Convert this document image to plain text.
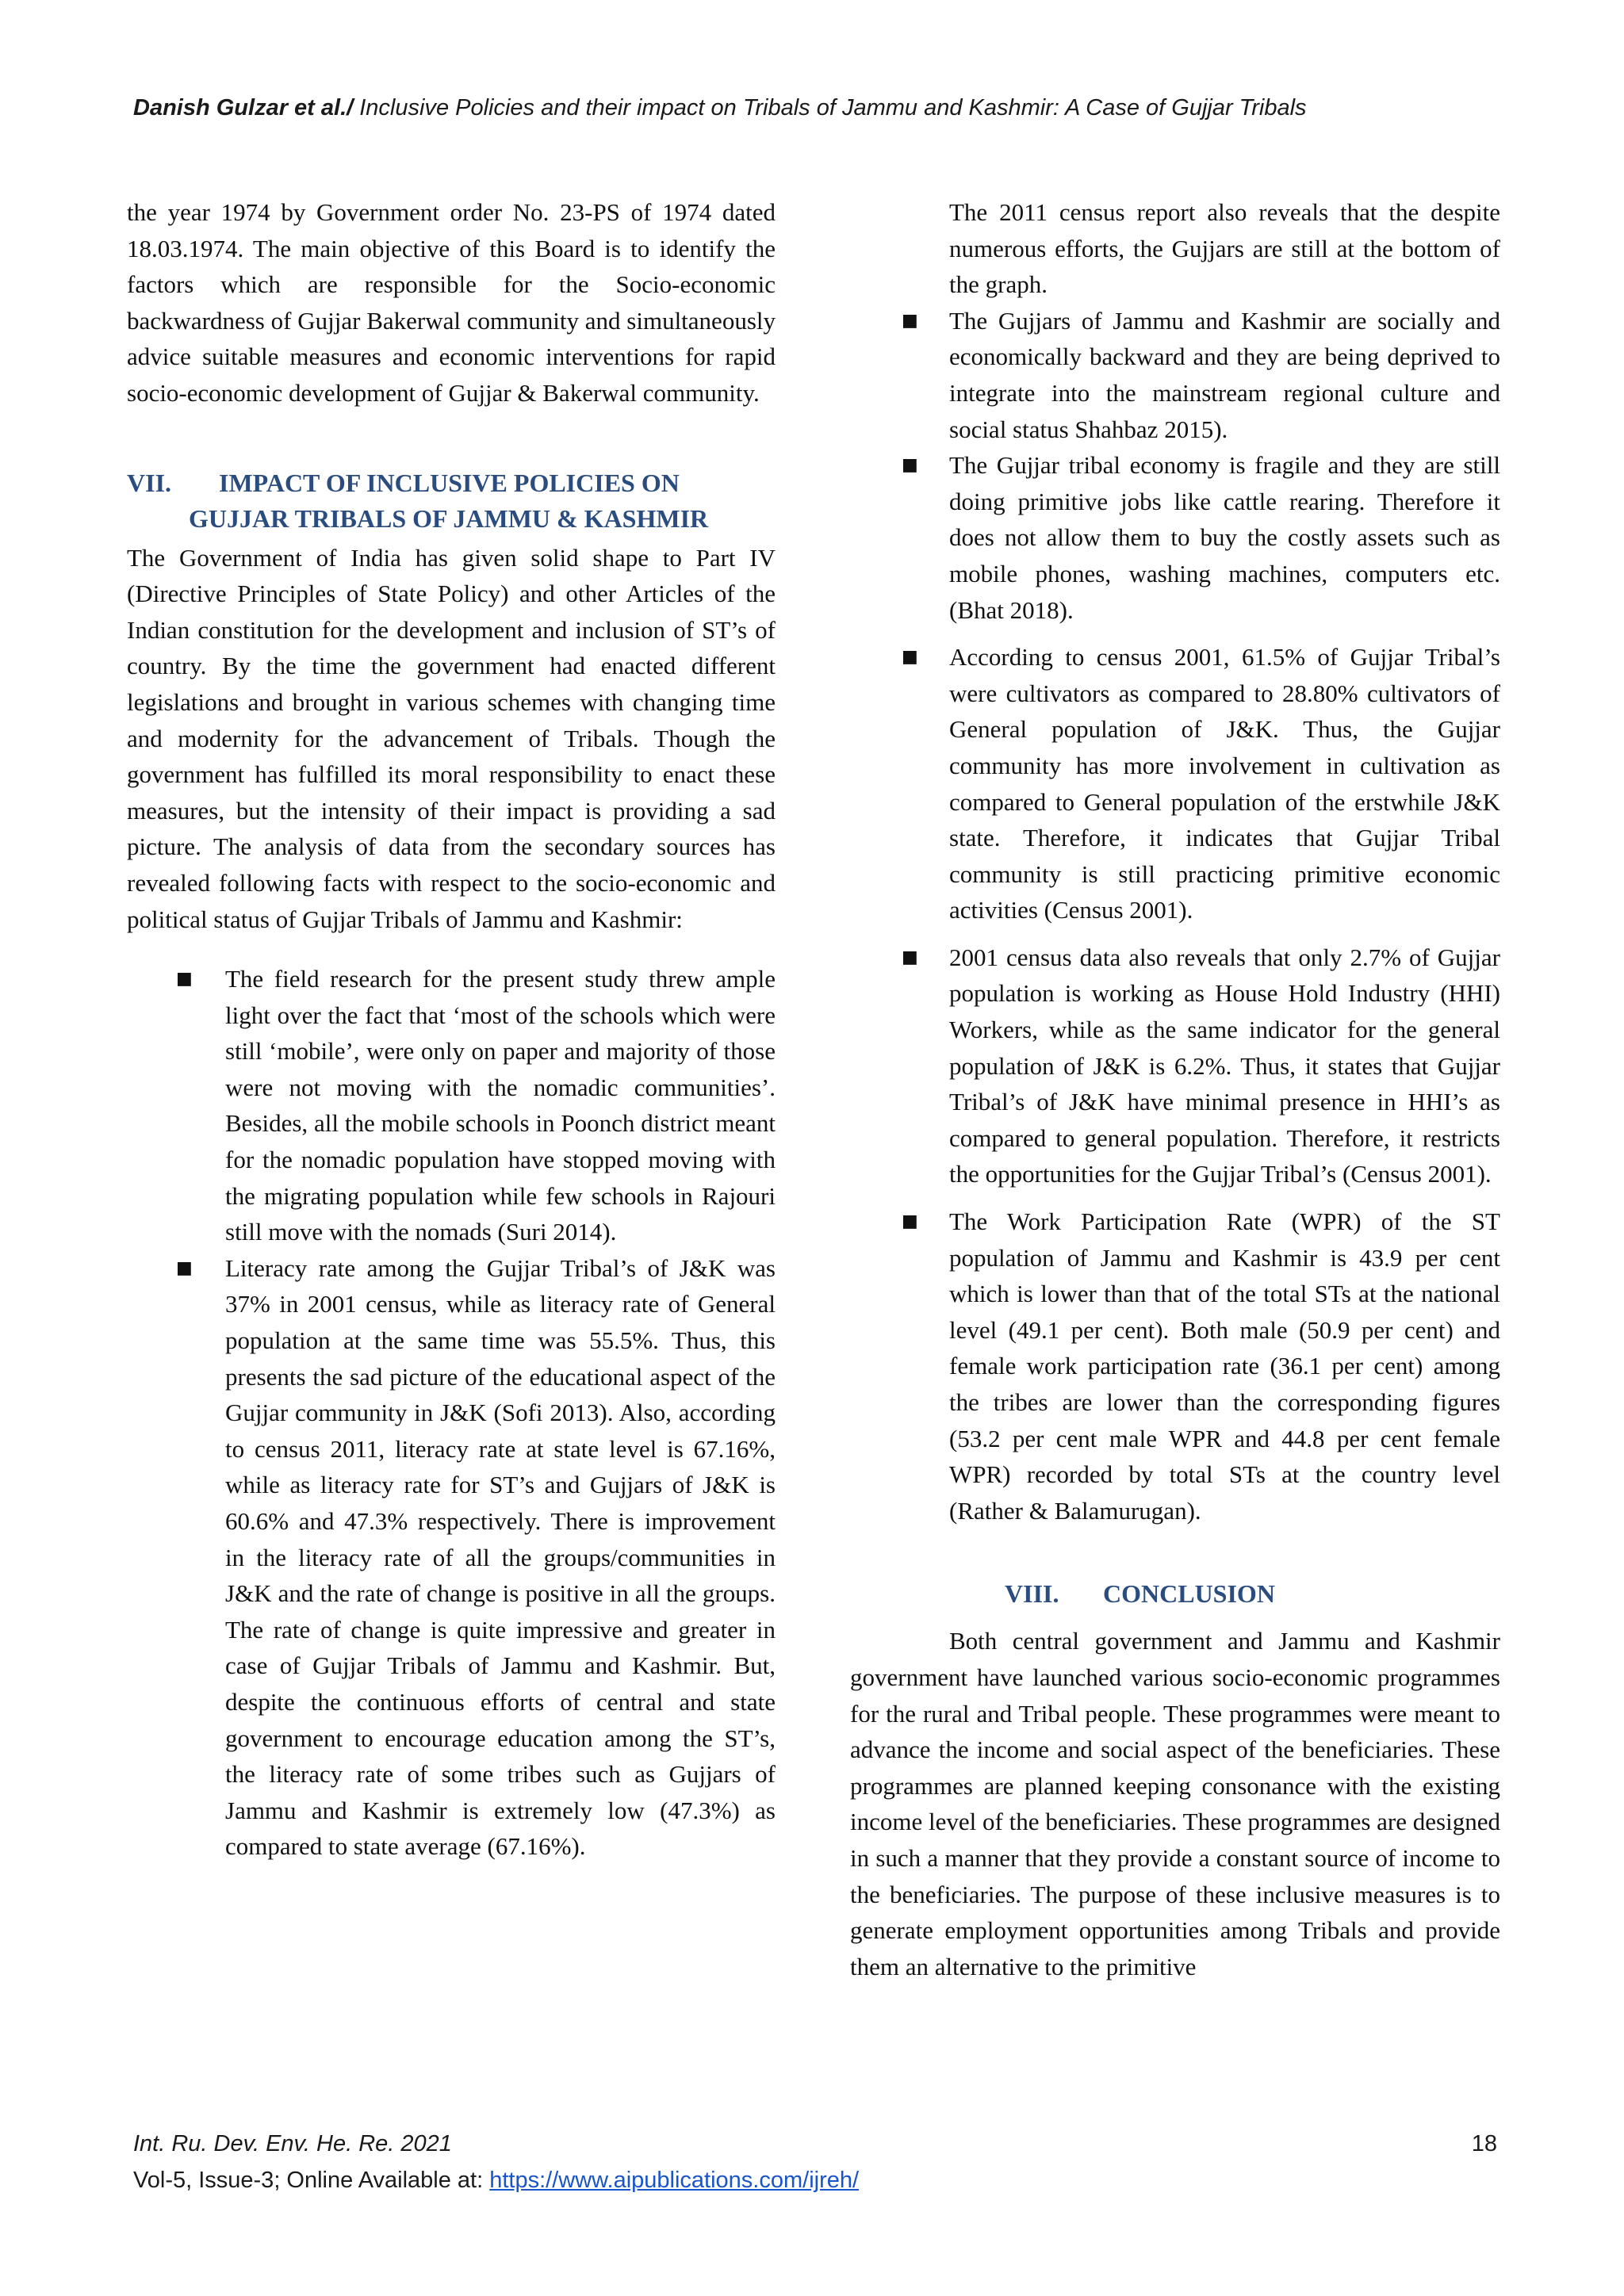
Danish Gulzar et al./ Inclusive Policies and their impact on Tribals of Jammu and Kashmir: A Case of Gujjar Tribals

the year 1974 by Government order No. 23-PS of 1974 dated 18.03.1974. The main objective of this Board is to identify the factors which are responsible for the Socio-economic backwardness of Gujjar Bakerwal community and simultaneously advice suitable measures and economic interventions for rapid socio-economic development of Gujjar & Bakerwal community.

VII. IMPACT OF INCLUSIVE POLICIES ON
GUJJAR TRIBALS OF JAMMU & KASHMIR

The Government of India has given solid shape to Part IV (Directive Principles of State Policy) and other Articles of the Indian constitution for the development and inclusion of ST’s of country. By the time the government had enacted different legislations and brought in various schemes with changing time and modernity for the advancement of Tribals. Though the government has fulfilled its moral responsibility to enact these measures, but the intensity of their impact is providing a sad picture. The analysis of data from the secondary sources has revealed following facts with respect to the socio-economic and political status of Gujjar Tribals of Jammu and Kashmir:

■ The field research for the present study threw ample light over the fact that ‘most of the schools which were still ‘mobile’, were only on paper and majority of those were not moving with the nomadic communities’. Besides, all the mobile schools in Poonch district meant for the nomadic population have stopped moving with the migrating population while few schools in Rajouri still move with the nomads (Suri 2014).
■ Literacy rate among the Gujjar Tribal’s of J&K was 37% in 2001 census, while as literacy rate of General population at the same time was 55.5%. Thus, this presents the sad picture of the educational aspect of the Gujjar community in J&K (Sofi 2013). Also, according to census 2011, literacy rate at state level is 67.16%, while as literacy rate for ST’s and Gujjars of J&K is 60.6% and 47.3% respectively. There is improvement in the literacy rate of all the groups/communities in J&K and the rate of change is positive in all the groups. The rate of change is quite impressive and greater in case of Gujjar Tribals of Jammu and Kashmir. But, despite the continuous efforts of central and state government to encourage education among the ST’s, the literacy rate of some tribes such as Gujjars of Jammu and Kashmir is extremely low (47.3%) as compared to state average (67.16%).

The 2011 census report also reveals that the despite numerous efforts, the Gujjars are still at the bottom of the graph.

■ The Gujjars of Jammu and Kashmir are socially and economically backward and they are being deprived to integrate into the mainstream regional culture and social status Shahbaz 2015).
■ The Gujjar tribal economy is fragile and they are still doing primitive jobs like cattle rearing. Therefore it does not allow them to buy the costly assets such as mobile phones, washing machines, computers etc. (Bhat 2018).
■ According to census 2001, 61.5% of Gujjar Tribal’s were cultivators as compared to 28.80% cultivators of General population of J&K. Thus, the Gujjar community has more involvement in cultivation as compared to General population of the erstwhile J&K state. Therefore, it indicates that Gujjar Tribal community is still practicing primitive economic activities (Census 2001).
■ 2001 census data also reveals that only 2.7% of Gujjar population is working as House Hold Industry (HHI) Workers, while as the same indicator for the general population of J&K is 6.2%. Thus, it states that Gujjar Tribal’s of J&K have minimal presence in HHI’s as compared to general population. Therefore, it restricts the opportunities for the Gujjar Tribal’s (Census 2001).
■ The Work Participation Rate (WPR) of the ST population of Jammu and Kashmir is 43.9 per cent which is lower than that of the total STs at the national level (49.1 per cent). Both male (50.9 per cent) and female work participation rate (36.1 per cent) among the tribes are lower than the corresponding figures (53.2 per cent male WPR and 44.8 per cent female WPR) recorded by total STs at the country level (Rather & Balamurugan).
VIII. CONCLUSION

Both central government and Jammu and Kashmir government have launched various socio-economic programmes for the rural and Tribal people. These programmes were meant to advance the income and social aspect of the beneficiaries. These programmes are planned keeping consonance with the existing income level of the beneficiaries. These programmes are designed in such a manner that they provide a constant source of income to the beneficiaries. The purpose of these inclusive measures is to generate employment opportunities among Tribals and provide them an alternative to the primitive

Int. Ru. Dev. Env. He. Re. 2021	18
Vol-5, Issue-3; Online Available at: https://www.aipublications.com/ijreh/
